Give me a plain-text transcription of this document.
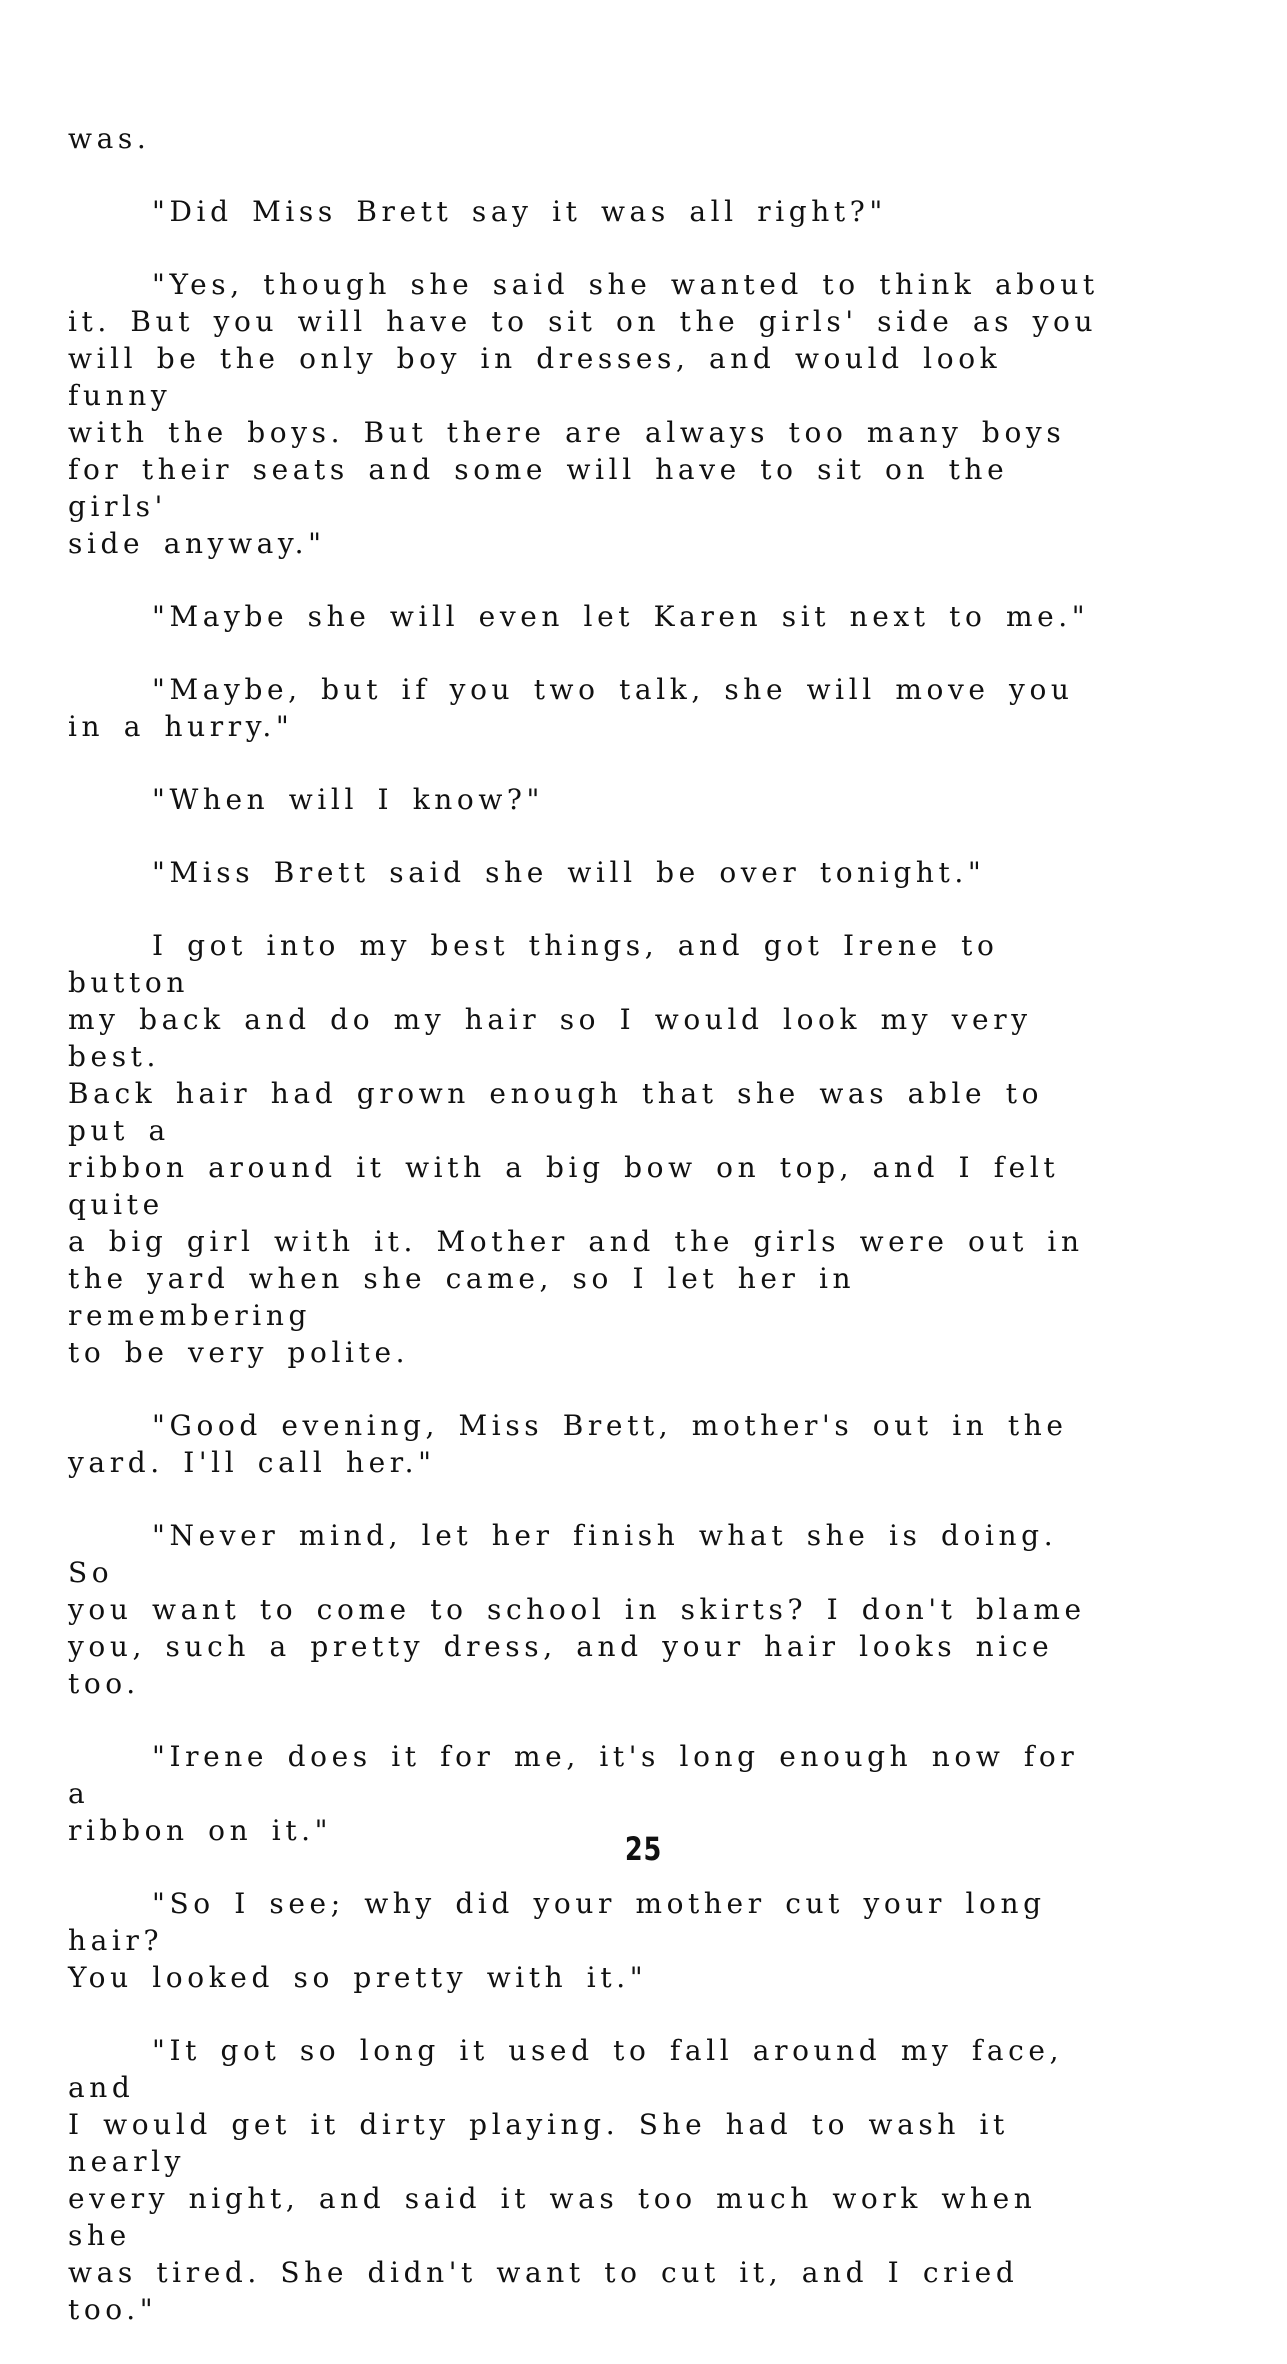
was.

"Did Miss Brett say it was all right?"

"Yes, though she said she wanted to think about
it. But you will have to sit on the girls' side as you
will be the only boy in dresses, and would look funny
with the boys. But there are always too many boys
for their seats and some will have to sit on the girls'
side anyway."

"Maybe she will even let Karen sit next to me."

"Maybe, but if you two talk, she will move you
in a hurry."

"When will I know?"

"Miss Brett said she will be over tonight."

I got into my best things, and got Irene to button
my back and do my hair so I would look my very best.
Back hair had grown enough that she was able to put a
ribbon around it with a big bow on top, and I felt quite
a big girl with it. Mother and the girls were out in
the yard when she came, so I let her in remembering
to be very polite.

"Good evening, Miss Brett, mother's out in the
yard. I'll call her."

"Never mind, let her finish what she is doing. So
you want to come to school in skirts? I don't blame
you, such a pretty dress, and your hair looks nice too.

"Irene does it for me, it's long enough now for a
ribbon on it."

"So I see; why did your mother cut your long hair?
You looked so pretty with it."

"It got so long it used to fall around my face, and
I would get it dirty playing. She had to wash it nearly
every night, and said it was too much work when she
was tired. She didn't want to cut it, and I cried too."

25
